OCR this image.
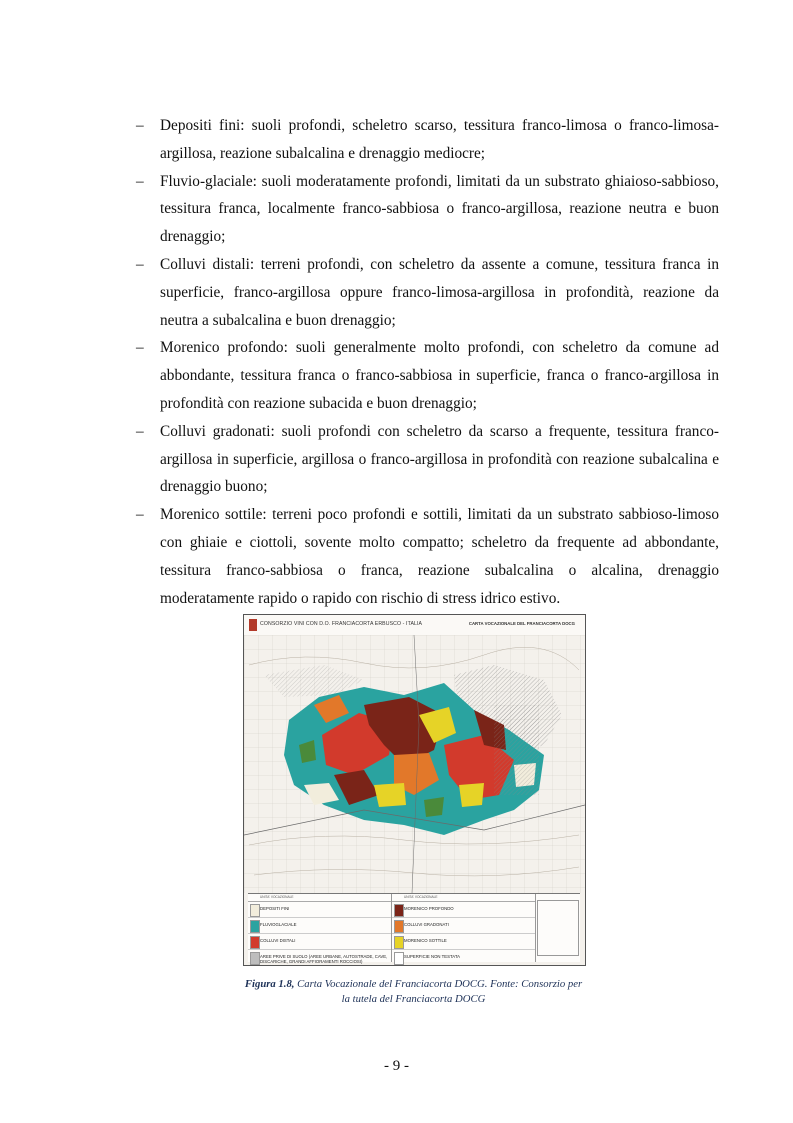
– Depositi fini: suoli profondi, scheletro scarso, tessitura franco-limosa o franco-limosa-argillosa, reazione subalcalina e drenaggio mediocre;
– Fluvio-glaciale: suoli moderatamente profondi, limitati da un substrato ghiaioso-sabbioso, tessitura franca, localmente franco-sabbiosa o franco-argillosa, reazione neutra e buon drenaggio;
– Colluvi distali: terreni profondi, con scheletro da assente a comune, tessitura franca in superficie, franco-argillosa oppure franco-limosa-argillosa in profondità, reazione da neutra a subalcalina e buon drenaggio;
– Morenico profondo: suoli generalmente molto profondi, con scheletro da comune ad abbondante, tessitura franca o franco-sabbiosa in superficie, franca o franco-argillosa in profondità con reazione subacida e buon drenaggio;
– Colluvi gradonati: suoli profondi con scheletro da scarso a frequente, tessitura franco-argillosa in superficie, argillosa o franco-argillosa in profondità con reazione subalcalina e drenaggio buono;
– Morenico sottile: terreni poco profondi e sottili, limitati da un substrato sabbioso-limoso con ghiaie e ciottoli, sovente molto compatto; scheletro da frequente ad abbondante, tessitura franco-sabbiosa o franca, reazione subalcalina o alcalina, drenaggio moderatamente rapido o rapido con rischio di stress idrico estivo.
CONSORZIO VINI CON D.O. FRANCIACORTA ERBUSCO - ITALIA	CARTA VOCAZIONALE DEL FRANCIACORTA DOCG
UNITA' VOCAZIONALE
DEPOSITI FINI
FLUVIOGLACIALE
COLLUVI DISTALI
AREE PRIVE DI SUOLO (AREE URBANE, AUTOSTRADE, CAVE, DISCARICHE, GRANDI AFFIORAMENTI ROCCIOSI)
UNITA' VOCAZIONALE
MORENICO PROFONDO
COLLUVI GRADONATI
MORENICO SOTTILE
SUPERFICIE NON TESTATA
Figura 1.8, Carta Vocazionale del Franciacorta DOCG. Fonte: Consorzio per la tutela del Franciacorta DOCG
- 9 -
